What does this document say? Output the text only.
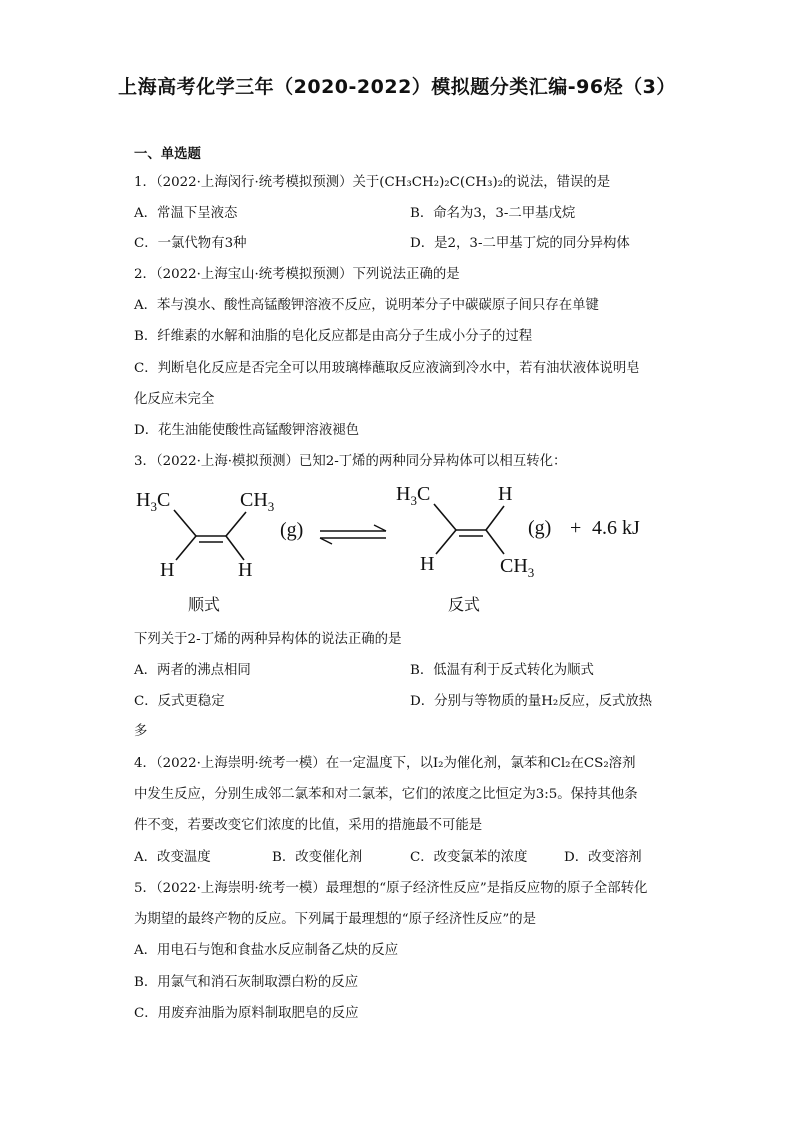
上海高考化学三年（2020-2022）模拟题分类汇编-96烃（3）
一、单选题
1．（2022·上海闵行·统考模拟预测）关于(CH₃CH₂)₂C(CH₃)₂的说法，错误的是
A．常温下呈液态	B．命名为3，3-二甲基戊烷
C．一氯代物有3种	D．是2，3-二甲基丁烷的同分异构体
2．（2022·上海宝山·统考模拟预测）下列说法正确的是
A．苯与溴水、酸性高锰酸钾溶液不反应，说明苯分子中碳碳原子间只存在单键
B．纤维素的水解和油脂的皂化反应都是由高分子生成小分子的过程
C．判断皂化反应是否完全可以用玻璃棒蘸取反应液滴到冷水中，若有油状液体说明皂
化反应未完全
D．花生油能使酸性高锰酸钾溶液褪色
3．（2022·上海·模拟预测）已知2-丁烯的两种同分异构体可以相互转化：
$H_3C$	$CH_3$
H	H
(g)
$H_3C$	H
H	$CH_3$
(g) + 4.6 kJ
顺式	反式
下列关于2-丁烯的两种异构体的说法正确的是
A．两者的沸点相同	B．低温有利于反式转化为顺式
C．反式更稳定	D．分别与等物质的量H₂反应，反式放热
多
4．（2022·上海崇明·统考一模）在一定温度下，以I₂为催化剂，氯苯和Cl₂在CS₂溶剂
中发生反应，分别生成邻二氯苯和对二氯苯，它们的浓度之比恒定为3:5。保持其他条
件不变，若要改变它们浓度的比值，采用的措施最不可能是
A．改变温度	B．改变催化剂	C．改变氯苯的浓度	D．改变溶剂
5．（2022·上海崇明·统考一模）最理想的“原子经济性反应”是指反应物的原子全部转化
为期望的最终产物的反应。下列属于最理想的“原子经济性反应”的是
A．用电石与饱和食盐水反应制备乙炔的反应
B．用氯气和消石灰制取漂白粉的反应
C．用废弃油脂为原料制取肥皂的反应
